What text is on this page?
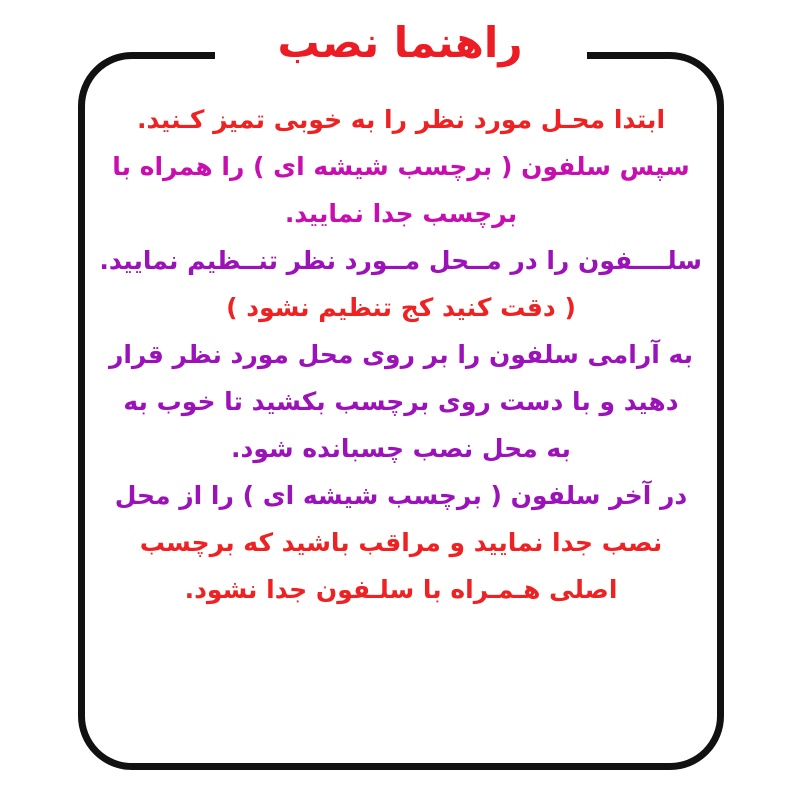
راهنما نصب
ابتدا محـل مورد نظر را به خوبی تمیز کـنید.
سپس سلفون ( برچسب شیشه ای ) را همراه با
برچسب جدا نمایید.
سلــــفون را در مــحل مــورد نظر تنــظیم نمایید.
( دقت کنید کج تنظیم نشود )
به آرامی سلفون را بر روی محل مورد نظر قرار
دهید و با دست روی برچسب بکشید تا خوب به
به محل نصب چسبانده شود.
در آخر سلفون ( برچسب شیشه ای ) را از محل
نصب جدا نمایید و مراقب باشید که برچسب
اصلی هـمـراه با سلـفون جدا نشود.
